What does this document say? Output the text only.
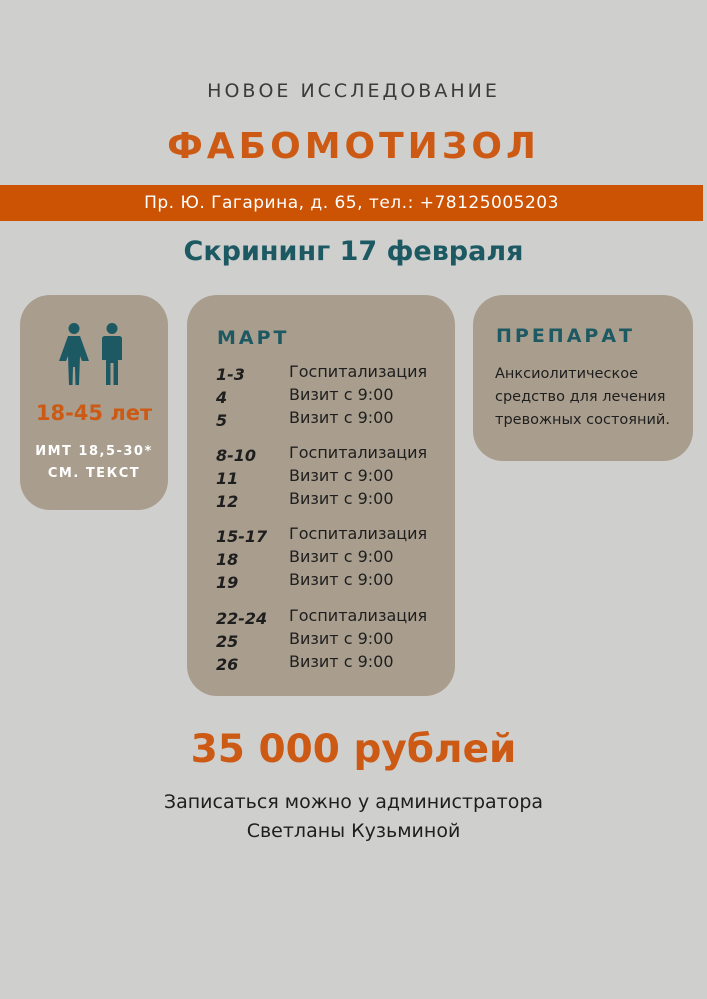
НОВОЕ ИССЛЕДОВАНИЕ
ФАБОМОТИЗОЛ
Пр. Ю. Гагарина, д. 65, тел.: +78125005203
Скрининг 17 февраля
18-45 лет
ИМТ 18,5-30*
СМ. ТЕКСТ
МАРТ
1-3	Госпитализация
4	Визит с 9:00
5	Визит с 9:00
8-10 Госпитализация
11	Визит с 9:00
12	Визит с 9:00
15-17 Госпитализация
18	Визит с 9:00
19	Визит с 9:00
22-24 Госпитализация
25	Визит с 9:00
26	Визит с 9:00
ПРЕПАРАТ
Анксиолитическое средство для лечения тревожных состояний.
35 000 рублей
Записаться можно у администратора
Светланы Кузьминой
